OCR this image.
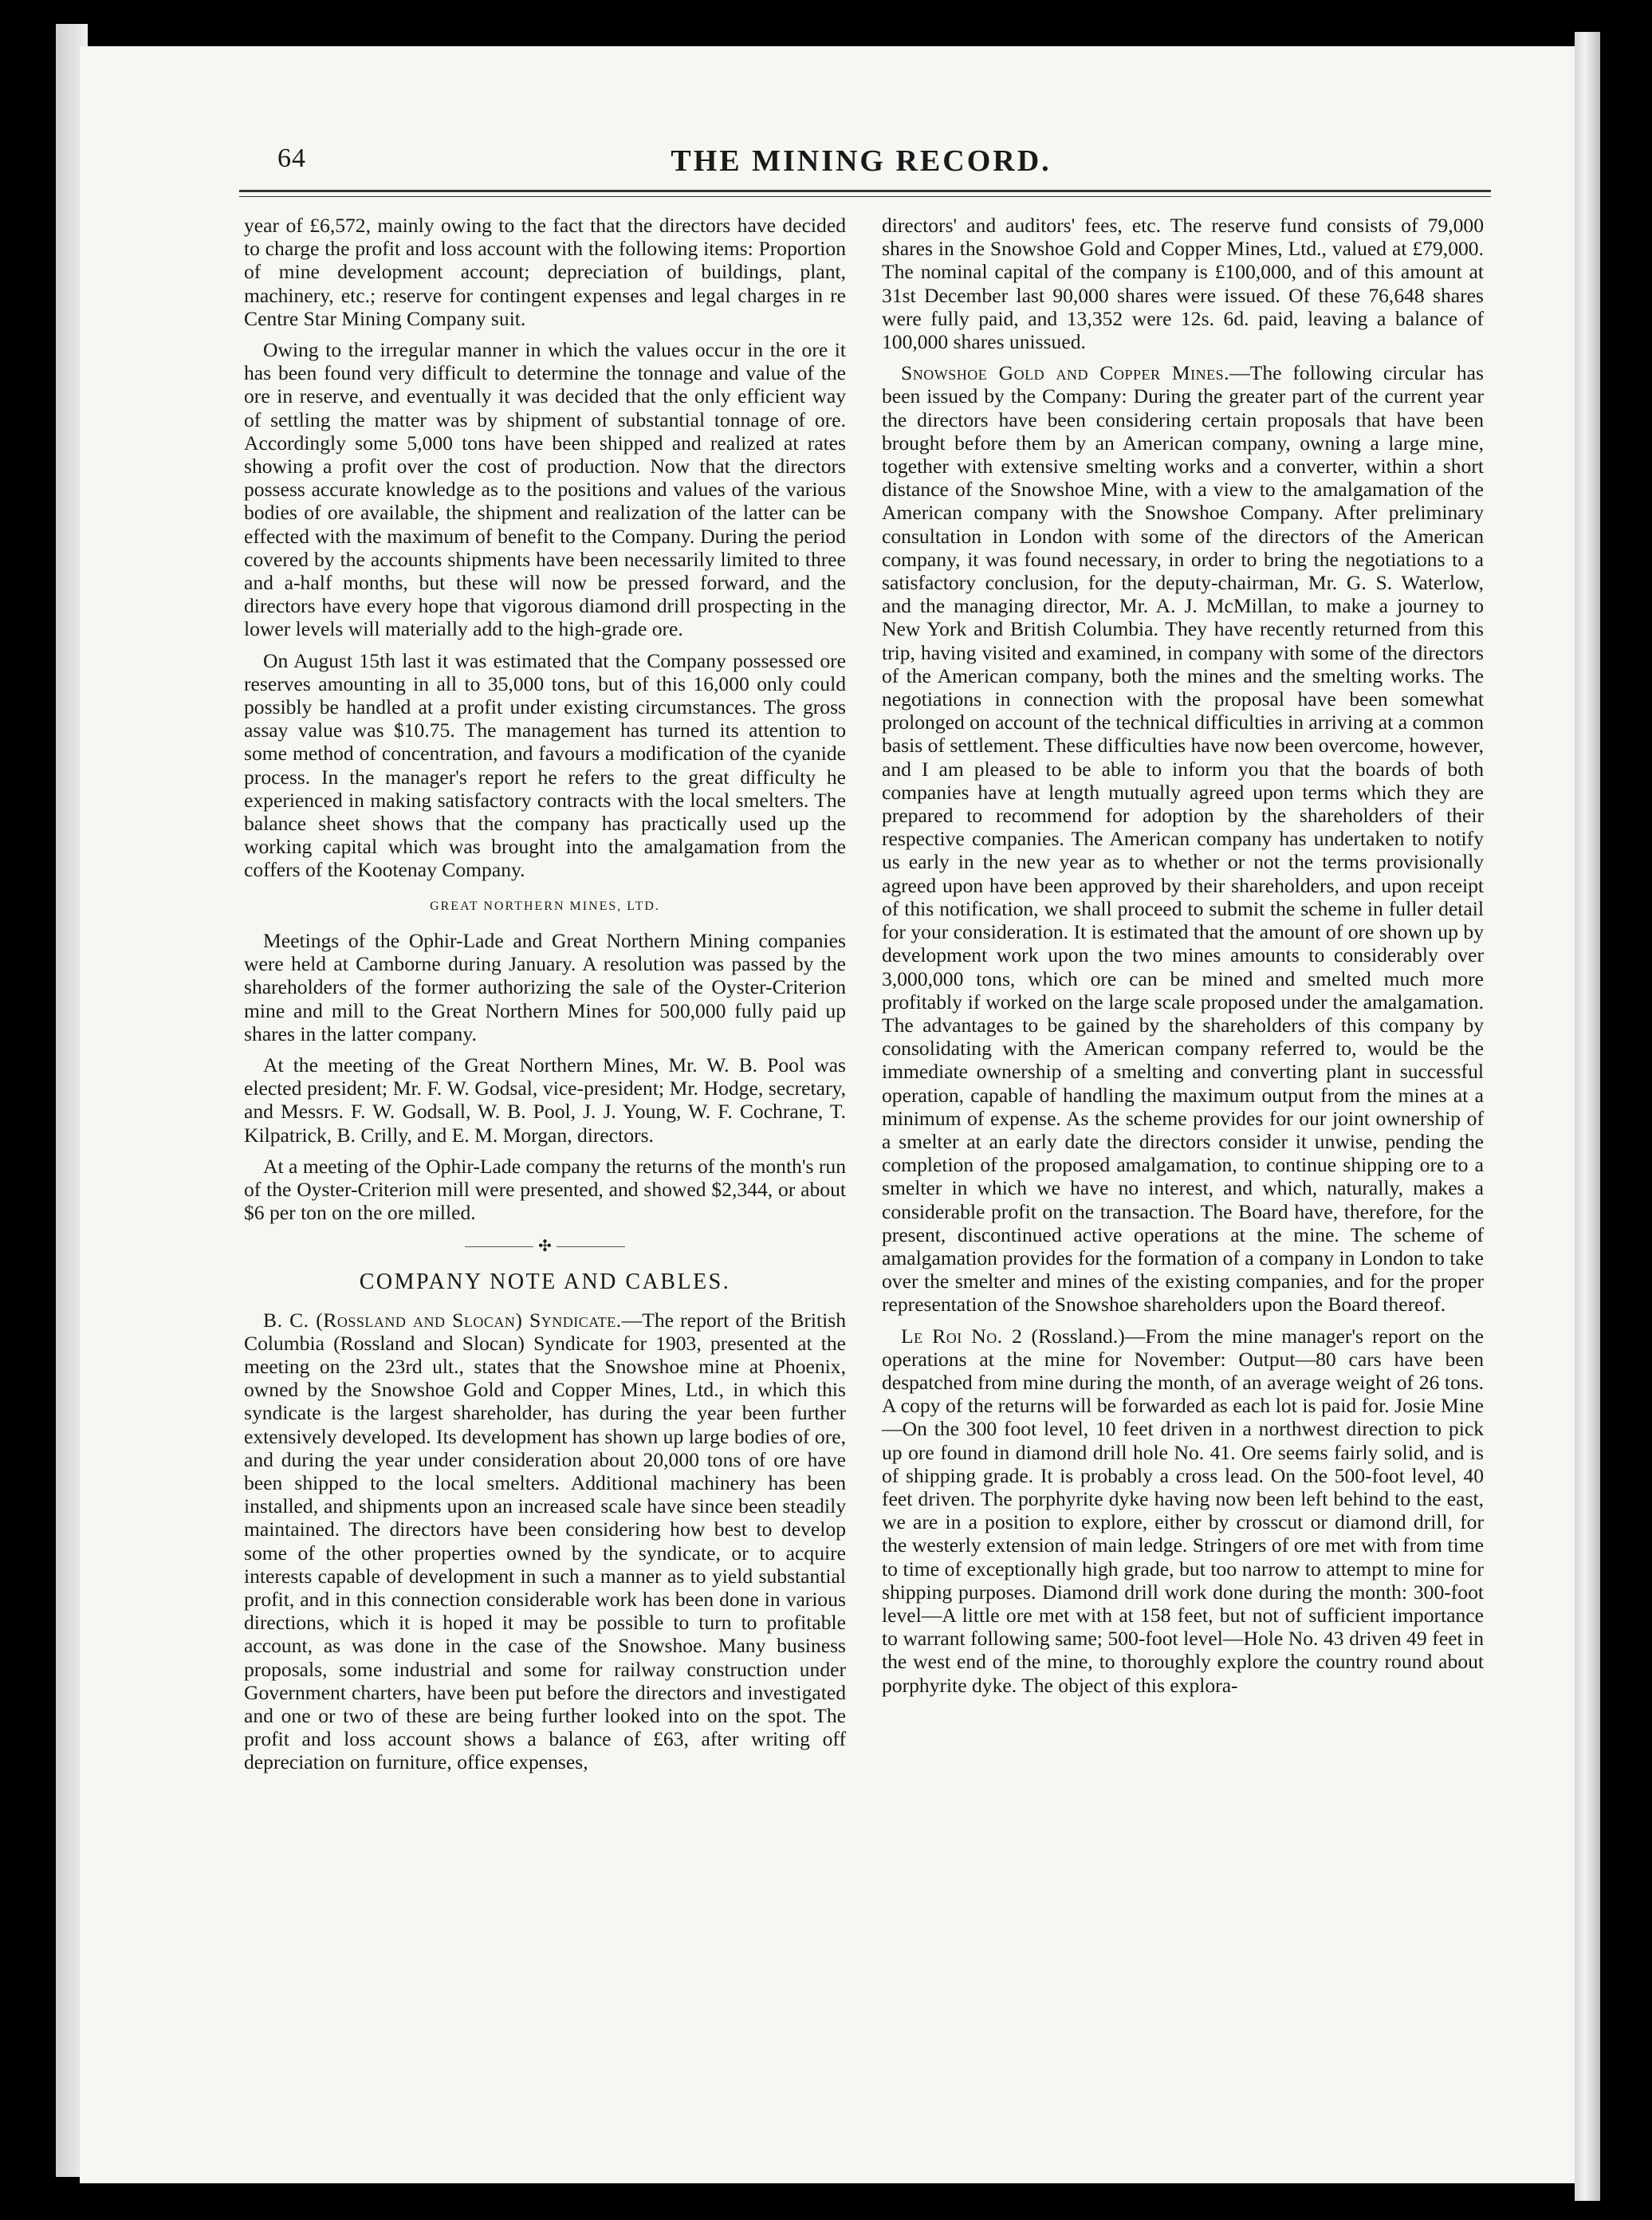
64	THE MINING RECORD.

year of £6,572, mainly owing to the fact that the directors have decided to charge the profit and loss account with the following items: Proportion of mine development account; depreciation of buildings, plant, machinery, etc.; reserve for contingent expenses and legal charges in re Centre Star Mining Company suit.

Owing to the irregular manner in which the values occur in the ore it has been found very difficult to determine the tonnage and value of the ore in reserve, and eventually it was decided that the only efficient way of settling the matter was by shipment of substantial tonnage of ore. Accordingly some 5,000 tons have been shipped and realized at rates showing a profit over the cost of production. Now that the directors possess accurate knowledge as to the positions and values of the various bodies of ore available, the shipment and realization of the latter can be effected with the maximum of benefit to the Company. During the period covered by the accounts shipments have been necessarily limited to three and a-half months, but these will now be pressed forward, and the directors have every hope that vigorous diamond drill prospecting in the lower levels will materially add to the high-grade ore.

On August 15th last it was estimated that the Company possessed ore reserves amounting in all to 35,000 tons, but of this 16,000 only could possibly be handled at a profit under existing circumstances. The gross assay value was $10.75. The management has turned its attention to some method of concentration, and favours a modification of the cyanide process. In the manager's report he refers to the great difficulty he experienced in making satisfactory contracts with the local smelters. The balance sheet shows that the company has practically used up the working capital which was brought into the amalgamation from the coffers of the Kootenay Company.

GREAT NORTHERN MINES, LTD.

Meetings of the Ophir-Lade and Great Northern Mining companies were held at Camborne during January. A resolution was passed by the shareholders of the former authorizing the sale of the Oyster-Criterion mine and mill to the Great Northern Mines for 500,000 fully paid up shares in the latter company.

At the meeting of the Great Northern Mines, Mr. W. B. Pool was elected president; Mr. F. W. Godsal, vice-president; Mr. Hodge, secretary, and Messrs. F. W. Godsall, W. B. Pool, J. J. Young, W. F. Cochrane, T. Kilpatrick, B. Crilly, and E. M. Morgan, directors.

At a meeting of the Ophir-Lade company the returns of the month's run of the Oyster-Criterion mill were presented, and showed $2,344, or about $6 per ton on the ore milled.

✣
COMPANY NOTE AND CABLES.

B. C. (Rossland and Slocan) Syndicate.—The report of the British Columbia (Rossland and Slocan) Syndicate for 1903, presented at the meeting on the 23rd ult., states that the Snowshoe mine at Phoenix, owned by the Snowshoe Gold and Copper Mines, Ltd., in which this syndicate is the largest shareholder, has during the year been further extensively developed. Its development has shown up large bodies of ore, and during the year under consideration about 20,000 tons of ore have been shipped to the local smelters. Additional machinery has been installed, and shipments upon an increased scale have since been steadily maintained. The directors have been considering how best to develop some of the other properties owned by the syndicate, or to acquire interests capable of development in such a manner as to yield substantial profit, and in this connection considerable work has been done in various directions, which it is hoped it may be possible to turn to profitable account, as was done in the case of the Snowshoe. Many business proposals, some industrial and some for railway construction under Government charters, have been put before the directors and investigated and one or two of these are being further looked into on the spot. The profit and loss account shows a balance of £63, after writing off depreciation on furniture, office expenses,

directors' and auditors' fees, etc. The reserve fund consists of 79,000 shares in the Snowshoe Gold and Copper Mines, Ltd., valued at £79,000. The nominal capital of the company is £100,000, and of this amount at 31st December last 90,000 shares were issued. Of these 76,648 shares were fully paid, and 13,352 were 12s. 6d. paid, leaving a balance of 100,000 shares unissued.

Snowshoe Gold and Copper Mines.—The following circular has been issued by the Company: During the greater part of the current year the directors have been considering certain proposals that have been brought before them by an American company, owning a large mine, together with extensive smelting works and a converter, within a short distance of the Snowshoe Mine, with a view to the amalgamation of the American company with the Snowshoe Company. After preliminary consultation in London with some of the directors of the American company, it was found necessary, in order to bring the negotiations to a satisfactory conclusion, for the deputy-chairman, Mr. G. S. Waterlow, and the managing director, Mr. A. J. McMillan, to make a journey to New York and British Columbia. They have recently returned from this trip, having visited and examined, in company with some of the directors of the American company, both the mines and the smelting works. The negotiations in connection with the proposal have been somewhat prolonged on account of the technical difficulties in arriving at a common basis of settlement. These difficulties have now been overcome, however, and I am pleased to be able to inform you that the boards of both companies have at length mutually agreed upon terms which they are prepared to recommend for adoption by the shareholders of their respective companies. The American company has undertaken to notify us early in the new year as to whether or not the terms provisionally agreed upon have been approved by their shareholders, and upon receipt of this notification, we shall proceed to submit the scheme in fuller detail for your consideration. It is estimated that the amount of ore shown up by development work upon the two mines amounts to considerably over 3,000,000 tons, which ore can be mined and smelted much more profitably if worked on the large scale proposed under the amalgamation. The advantages to be gained by the shareholders of this company by consolidating with the American company referred to, would be the immediate ownership of a smelting and converting plant in successful operation, capable of handling the maximum output from the mines at a minimum of expense. As the scheme provides for our joint ownership of a smelter at an early date the directors consider it unwise, pending the completion of the proposed amalgamation, to continue shipping ore to a smelter in which we have no interest, and which, naturally, makes a considerable profit on the transaction. The Board have, therefore, for the present, discontinued active operations at the mine. The scheme of amalgamation provides for the formation of a company in London to take over the smelter and mines of the existing companies, and for the proper representation of the Snowshoe shareholders upon the Board thereof.

Le Roi No. 2 (Rossland.)—From the mine manager's report on the operations at the mine for November: Output—80 cars have been despatched from mine during the month, of an average weight of 26 tons. A copy of the returns will be forwarded as each lot is paid for. Josie Mine—On the 300 foot level, 10 feet driven in a northwest direction to pick up ore found in diamond drill hole No. 41. Ore seems fairly solid, and is of shipping grade. It is probably a cross lead. On the 500-foot level, 40 feet driven. The porphyrite dyke having now been left behind to the east, we are in a position to explore, either by crosscut or diamond drill, for the westerly extension of main ledge. Stringers of ore met with from time to time of exceptionally high grade, but too narrow to attempt to mine for shipping purposes. Diamond drill work done during the month: 300-foot level—A little ore met with at 158 feet, but not of sufficient importance to warrant following same; 500-foot level—Hole No. 43 driven 49 feet in the west end of the mine, to thoroughly explore the country round about porphyrite dyke. The object of this explora-
